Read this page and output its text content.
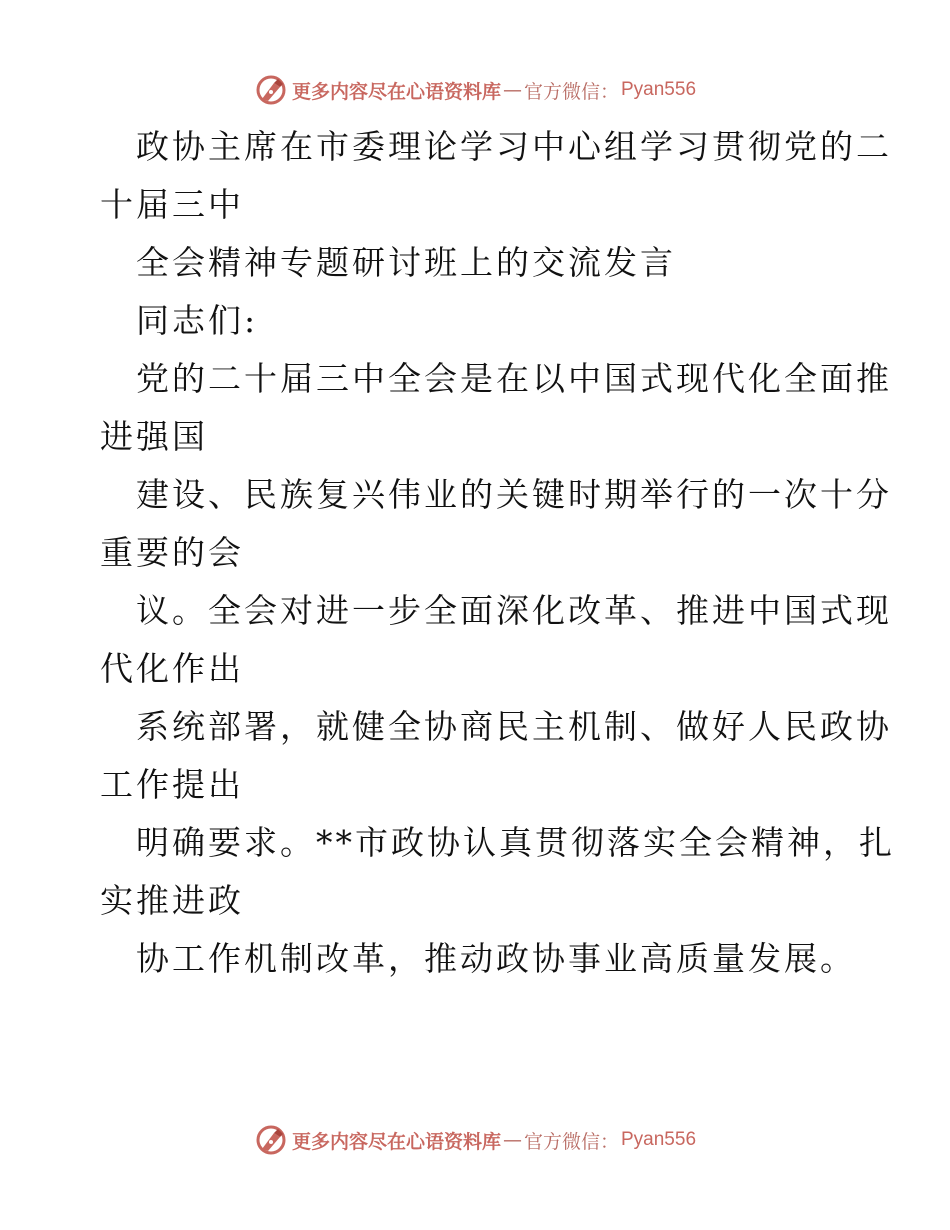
更多内容尽在心语资料库 — 官方微信： Pyan556
政协主席在市委理论学习中心组学习贯彻党的二
十届三中
全会精神专题研讨班上的交流发言
同志们:
党的二十届三中全会是在以中国式现代化全面推
进强国
建设、民族复兴伟业的关键时期举行的一次十分
重要的会
议。全会对进一步全面深化改革、推进中国式现
代化作出
系统部署，就健全协商民主机制、做好人民政协
工作提出
明确要求。**市政协认真贯彻落实全会精神，扎
实推进政
协工作机制改革，推动政协事业高质量发展。
更多内容尽在心语资料库 — 官方微信： Pyan556
